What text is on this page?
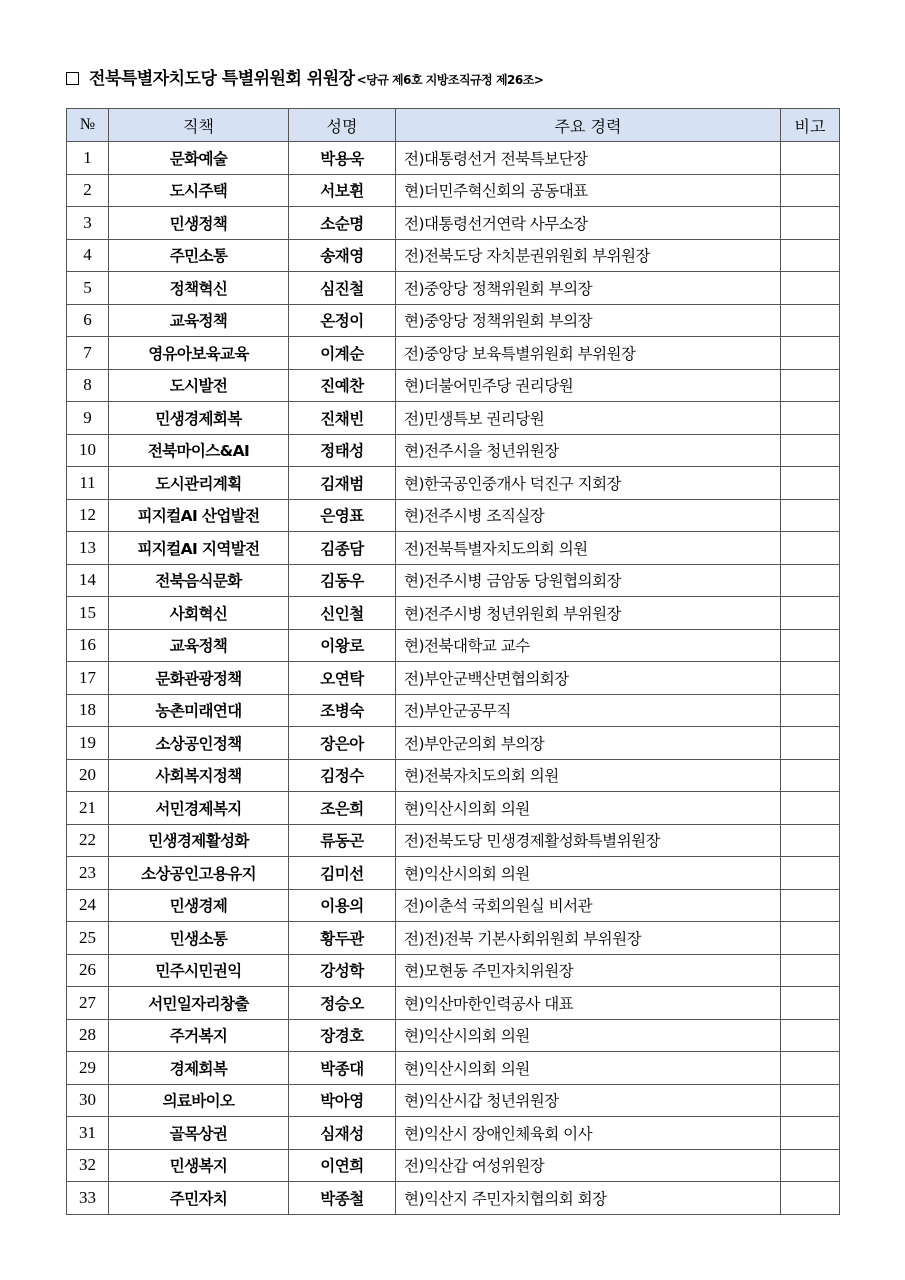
전북특별자치도당 특별위원회 위원장 <당규 제6호 지방조직규정 제26조>
№	직책	성명	주요 경력	비고
1	문화예술	박용욱	전)대통령선거 전북특보단장	
2	도시주택	서보휜	현)더민주혁신회의 공동대표	
3	민생정책	소순명	전)대통령선거연락 사무소장	
4	주민소통	송재영	전)전북도당 자치분권위원회 부위원장	
5	정책혁신	심진철	전)중앙당 정책위원회 부의장	
6	교육정책	온정이	현)중앙당 정책위원회 부의장	
7	영유아보육교육	이계순	전)중앙당 보육특별위원회 부위원장	
8	도시발전	진예찬	현)더불어민주당 권리당원	
9	민생경제회복	진채빈	전)민생특보 권리당원	
10	전북마이스&AI	정태성	현)전주시을 청년위원장	
11	도시관리계획	김재범	현)한국공인중개사 덕진구 지회장	
12	피지컬AI 산업발전	은영표	현)전주시병 조직실장	
13	피지컬AI 지역발전	김종담	전)전북특별자치도의회 의원	
14	전북음식문화	김동우	현)전주시병 금암동 당원협의회장	
15	사회혁신	신인철	현)전주시병 청년위원회 부위원장	
16	교육정책	이왕로	현)전북대학교 교수	
17	문화관광정책	오연탁	전)부안군백산면협의회장	
18	농촌미래연대	조병숙	전)부안군공무직	
19	소상공인정책	장은아	전)부안군의회 부의장	
20	사회복지정책	김정수	현)전북자치도의회 의원	
21	서민경제복지	조은희	현)익산시의회 의원	
22	민생경제활성화	류동곤	전)전북도당 민생경제활성화특별위원장	
23	소상공인고용유지	김미선	현)익산시의회 의원	
24	민생경제	이용의	전)이춘석 국회의원실 비서관	
25	민생소통	황두관	전)전)전북 기본사회위원회 부위원장	
26	민주시민권익	강성학	현)모현동 주민자치위원장	
27	서민일자리창출	정승오	현)익산마한인력공사 대표	
28	주거복지	장경호	현)익산시의회 의원	
29	경제회복	박종대	현)익산시의회 의원	
30	의료바이오	박아영	현)익산시갑 청년위원장	
31	골목상권	심재성	현)익산시 장애인체육회 이사	
32	민생복지	이연희	전)익산갑 여성위원장	
33	주민자치	박종철	현)익산지 주민자치협의회 회장	
